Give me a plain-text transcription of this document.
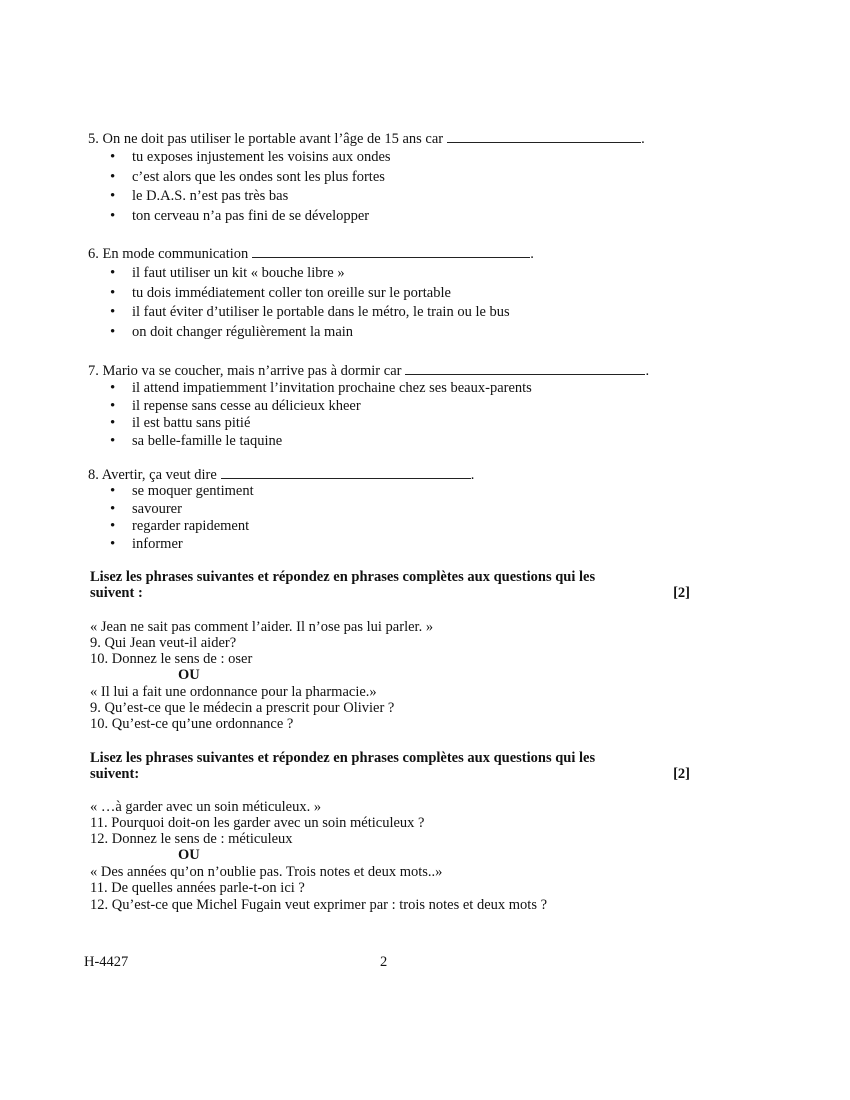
5. On ne doit pas utiliser le portable avant l’âge de 15 ans car	.
• tu exposes injustement les voisins aux ondes
• c’est alors que les ondes sont les plus fortes
• le D.A.S. n’est pas très bas
• ton cerveau n’a pas fini de se développer
6. En mode communication	.
• il faut utiliser un kit « bouche libre »
• tu dois immédiatement coller ton oreille sur le portable
• il faut éviter d’utiliser le portable dans le métro, le train ou le bus
• on doit changer régulièrement la main
7. Mario va se coucher, mais n’arrive pas à dormir car	.
• il attend impatiemment l’invitation prochaine chez ses beaux-parents
• il repense sans cesse au délicieux kheer
• il est battu sans pitié
• sa belle-famille le taquine
8. Avertir, ça veut dire	.
• se moquer gentiment
• savourer
• regarder rapidement
• informer
Lisez les phrases suivantes et répondez en phrases complètes aux questions qui les
suivent :	[2]
« Jean ne sait pas comment l’aider. Il n’ose pas lui parler. »
9. Qui Jean veut-il aider?
10. Donnez le sens de : oser
OU
« Il lui a fait une ordonnance pour la pharmacie.»
9. Qu’est-ce que le médecin a prescrit pour Olivier ?
10. Qu’est-ce qu’une ordonnance ?
Lisez les phrases suivantes et répondez en phrases complètes aux questions qui les
suivent:	[2]
« …à garder avec un soin méticuleux. »
11. Pourquoi doit-on les garder avec un soin méticuleux ?
12. Donnez le sens de : méticuleux
OU
« Des années qu’on n’oublie pas. Trois notes et deux mots..»
11. De quelles années parle-t-on ici ?
12. Qu’est-ce que Michel Fugain veut exprimer par : trois notes et deux mots ?
H-4427	2
